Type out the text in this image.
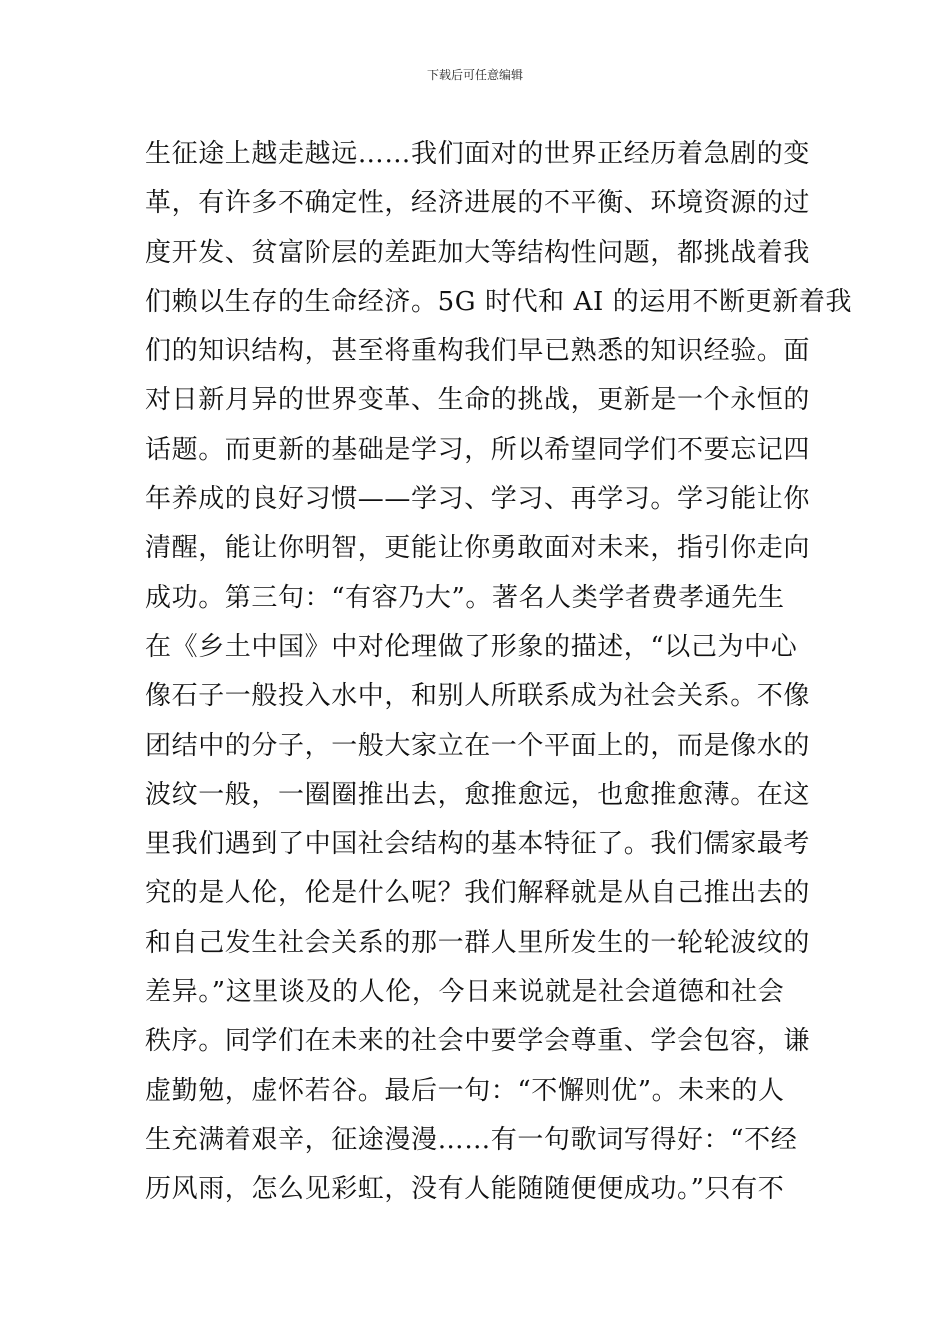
下载后可任意编辑
生征途上越走越远……我们面对的世界正经历着急剧的变
革，有许多不确定性，经济进展的不平衡、环境资源的过
度开发、贫富阶层的差距加大等结构性问题，都挑战着我
们赖以生存的生命经济。5G 时代和 AI 的运用不断更新着我
们的知识结构，甚至将重构我们早已熟悉的知识经验。面
对日新月异的世界变革、生命的挑战，更新是一个永恒的
话题。而更新的基础是学习，所以希望同学们不要忘记四
年养成的良好习惯——学习、学习、再学习。学习能让你
清醒，能让你明智，更能让你勇敢面对未来，指引你走向
成功。第三句：“有容乃大”。著名人类学者费孝通先生
在《乡土中国》中对伦理做了形象的描述，“以己为中心
像石子一般投入水中，和别人所联系成为社会关系。不像
团结中的分子，一般大家立在一个平面上的，而是像水的
波纹一般，一圈圈推出去，愈推愈远，也愈推愈薄。在这
里我们遇到了中国社会结构的基本特征了。我们儒家最考
究的是人伦，伦是什么呢？我们解释就是从自己推出去的
和自己发生社会关系的那一群人里所发生的一轮轮波纹的
差异。”这里谈及的人伦，今日来说就是社会道德和社会
秩序。同学们在未来的社会中要学会尊重、学会包容，谦
虚勤勉，虚怀若谷。最后一句：“不懈则优”。未来的人
生充满着艰辛，征途漫漫……有一句歌词写得好：“不经
历风雨，怎么见彩虹，没有人能随随便便成功。”只有不
